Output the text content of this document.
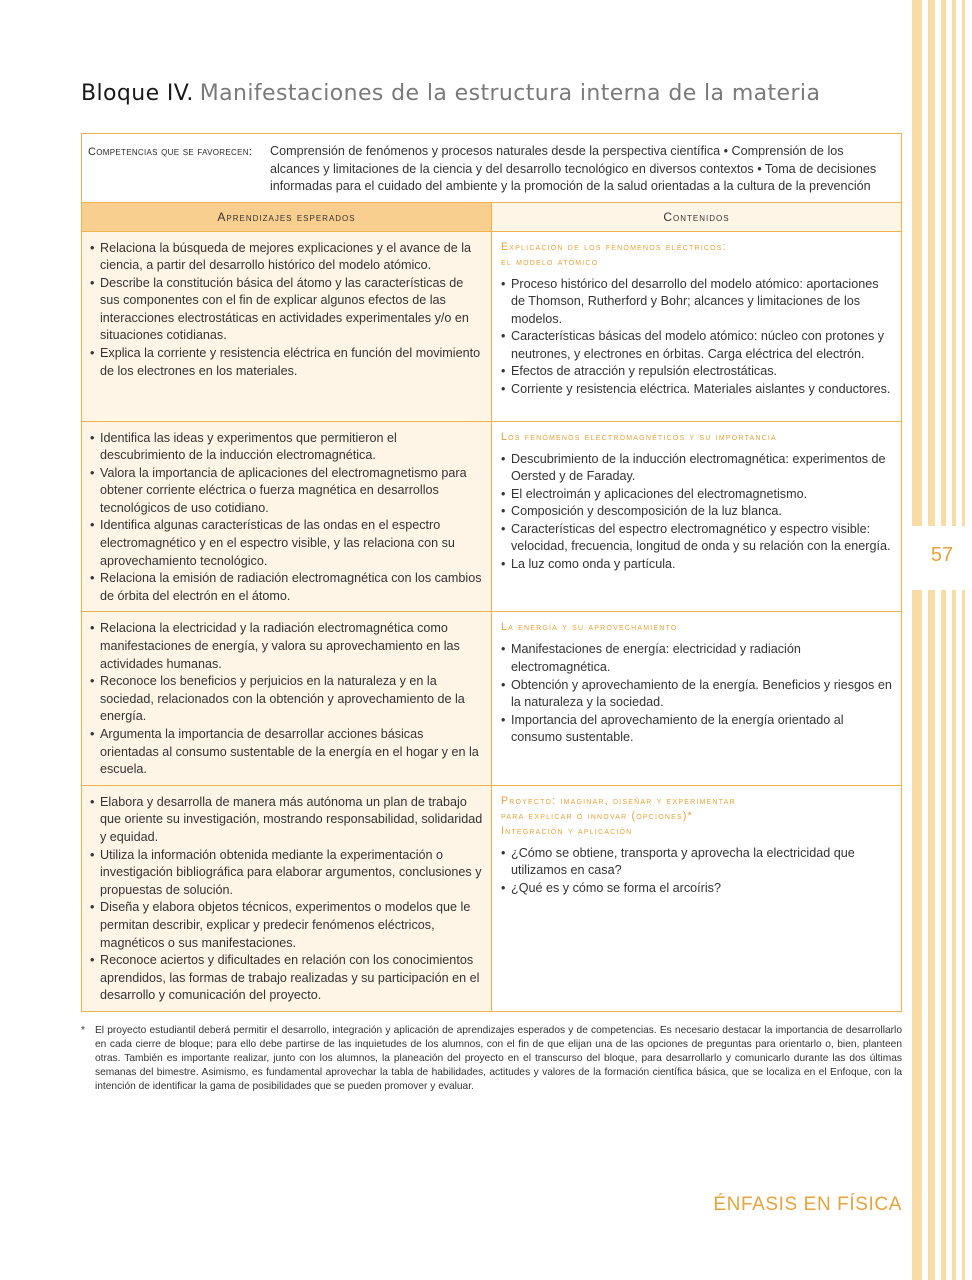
57
Bloque IV. Manifestaciones de la estructura interna de la materia
Competencias que se favorecen:	Comprensión de fenómenos y procesos naturales desde la perspectiva científica • Comprensión de los alcances y limitaciones de la ciencia y del desarrollo tecnológico en diversos contextos • Toma de decisiones informadas para el cuidado del ambiente y la promoción de la salud orientadas a la cultura de la prevención
Aprendizajes esperados	Contenidos
• Relaciona la búsqueda de mejores explicaciones y el avance de la ciencia, a partir del desarrollo histórico del modelo atómico.
• Describe la constitución básica del átomo y las características de sus componentes con el fin de explicar algunos efectos de las interacciones electrostáticas en actividades experimentales y/o en situaciones cotidianas.
• Explica la corriente y resistencia eléctrica en función del movimiento de los electrones en los materiales.
Explicación de los fenómenos eléctricos:
el modelo atómico
• Proceso histórico del desarrollo del modelo atómico: aportaciones de Thomson, Rutherford y Bohr; alcances y limitaciones de los modelos.
• Características básicas del modelo atómico: núcleo con protones y neutrones, y electrones en órbitas. Carga eléctrica del electrón.
• Efectos de atracción y repulsión electrostáticas.
• Corriente y resistencia eléctrica. Materiales aislantes y conductores.
• Identifica las ideas y experimentos que permitieron el descubrimiento de la inducción electromagnética.
• Valora la importancia de aplicaciones del electromagnetismo para obtener corriente eléctrica o fuerza magnética en desarrollos tecnológicos de uso cotidiano.
• Identifica algunas características de las ondas en el espectro electromagnético y en el espectro visible, y las relaciona con su aprovechamiento tecnológico.
• Relaciona la emisión de radiación electromagnética con los cambios de órbita del electrón en el átomo.
Los fenómenos electromagnéticos y su importancia
• Descubrimiento de la inducción electromagnética: experimentos de Oersted y de Faraday.
• El electroimán y aplicaciones del electromagnetismo.
• Composición y descomposición de la luz blanca.
• Características del espectro electromagnético y espectro visible: velocidad, frecuencia, longitud de onda y su relación con la energía.
• La luz como onda y partícula.
• Relaciona la electricidad y la radiación electromagnética como manifestaciones de energía, y valora su aprovechamiento en las actividades humanas.
• Reconoce los beneficios y perjuicios en la naturaleza y en la sociedad, relacionados con la obtención y aprovechamiento de la energía.
• Argumenta la importancia de desarrollar acciones básicas orientadas al consumo sustentable de la energía en el hogar y en la escuela.
La energía y su aprovechamiento
• Manifestaciones de energía: electricidad y radiación electromagnética.
• Obtención y aprovechamiento de la energía. Beneficios y riesgos en la naturaleza y la sociedad.
• Importancia del aprovechamiento de la energía orientado al consumo sustentable.
• Elabora y desarrolla de manera más autónoma un plan de trabajo que oriente su investigación, mostrando responsabilidad, solidaridad y equidad.
• Utiliza la información obtenida mediante la experimentación o investigación bibliográfica para elaborar argumentos, conclusiones y propuestas de solución.
• Diseña y elabora objetos técnicos, experimentos o modelos que le permitan describir, explicar y predecir fenómenos eléctricos, magnéticos o sus manifestaciones.
• Reconoce aciertos y dificultades en relación con los conocimientos aprendidos, las formas de trabajo realizadas y su participación en el desarrollo y comunicación del proyecto.
Proyecto: imaginar, diseñar y experimentar
para explicar o innovar (opciones)*
Integración y aplicación
• ¿Cómo se obtiene, transporta y aprovecha la electricidad que utilizamos en casa?
• ¿Qué es y cómo se forma el arcoíris?
* El proyecto estudiantil deberá permitir el desarrollo, integración y aplicación de aprendizajes esperados y de competencias. Es necesario destacar la importancia de desarrollarlo en cada cierre de bloque; para ello debe partirse de las inquietudes de los alumnos, con el fin de que elijan una de las opciones de preguntas para orientarlo o, bien, planteen otras. También es importante realizar, junto con los alumnos, la planeación del proyecto en el transcurso del bloque, para desarrollarlo y comunicarlo durante las dos últimas semanas del bimestre. Asimismo, es fundamental aprovechar la tabla de habilidades, actitudes y valores de la formación científica básica, que se localiza en el Enfoque, con la intención de identificar la gama de posibilidades que se pueden promover y evaluar.
ÉNFASIS EN FÍSICA
